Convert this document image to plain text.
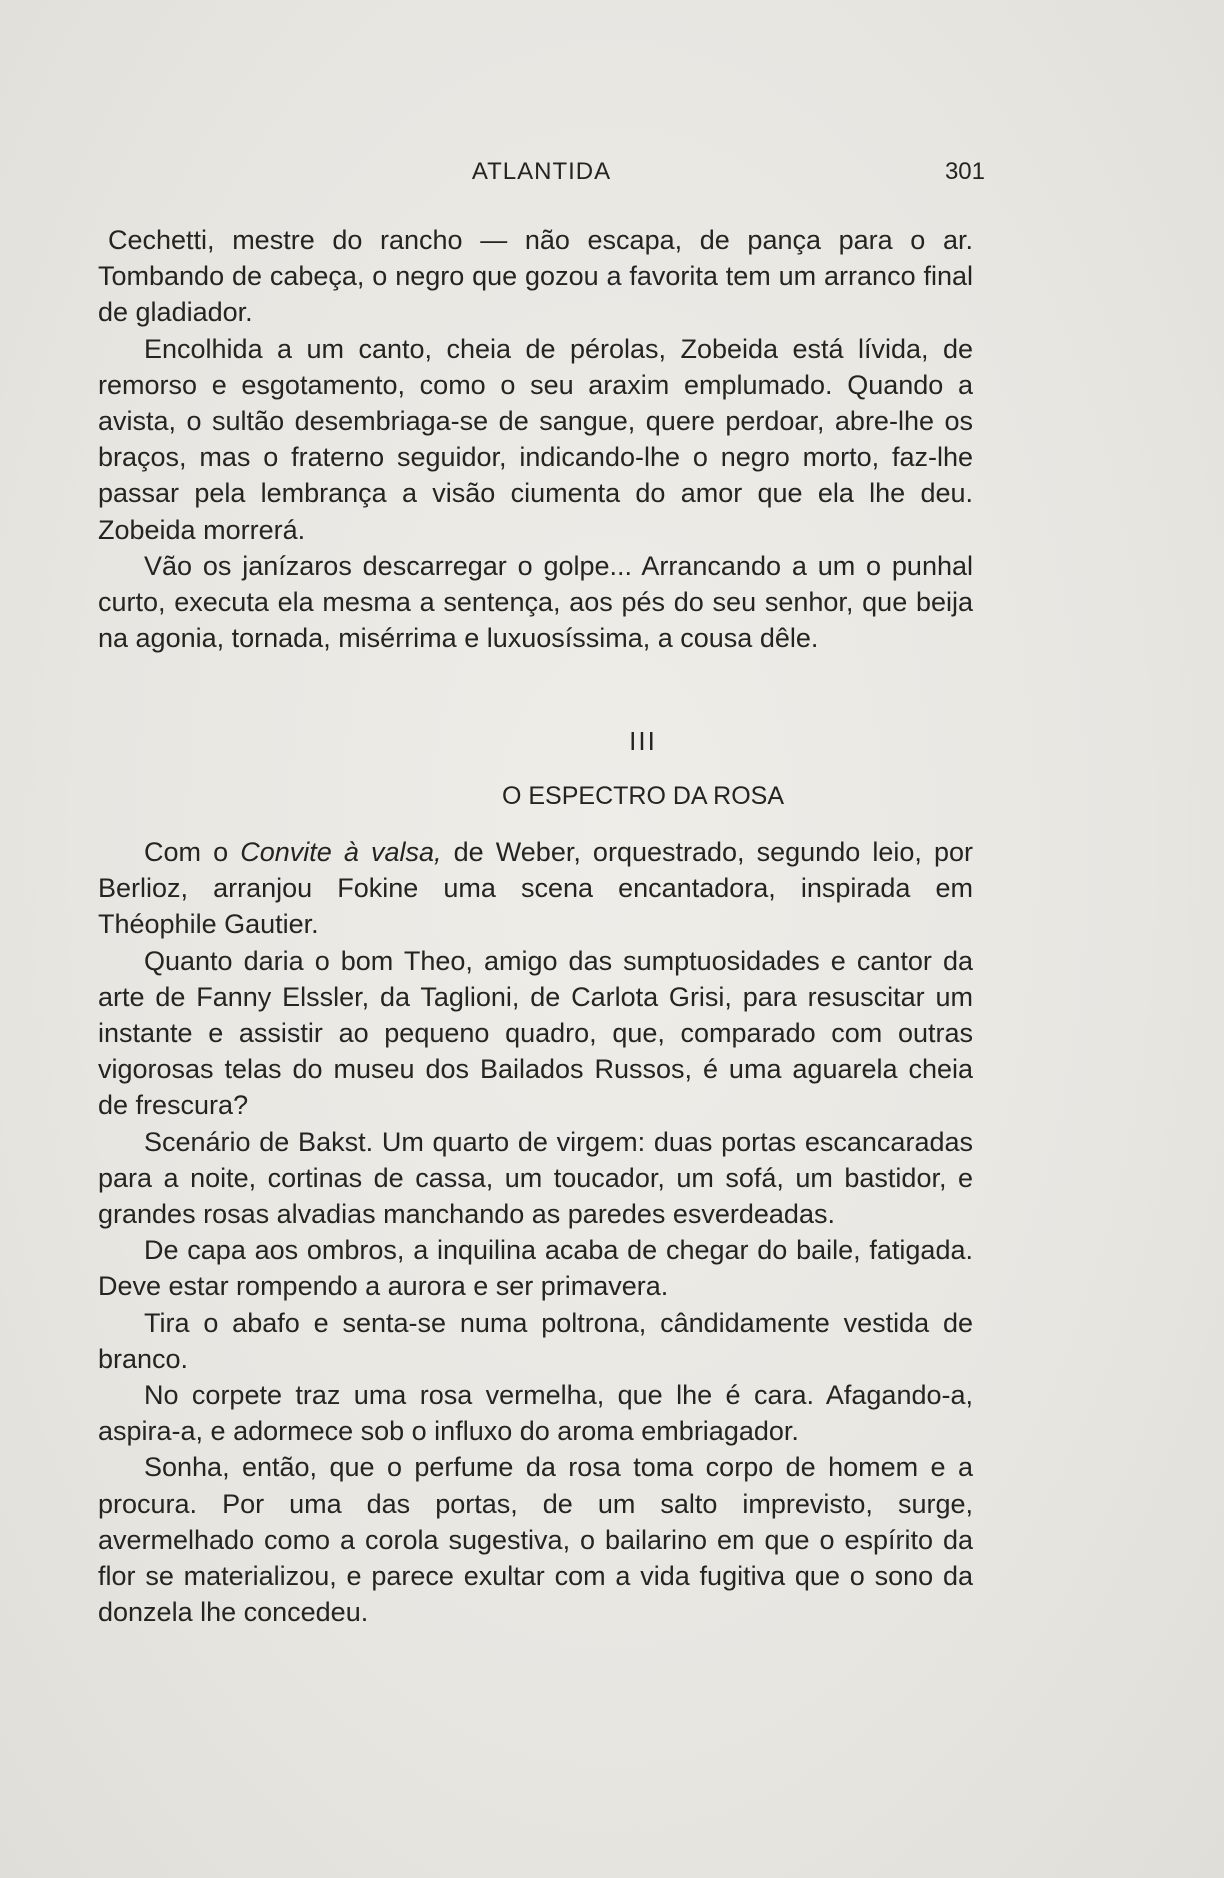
ATLANTIDA	301

Cechetti, mestre do rancho — não escapa, de pança para o ar. Tombando de cabeça, o negro que gozou a favorita tem um arranco final de gladiador.

Encolhida a um canto, cheia de pérolas, Zobeida está lívida, de remorso e esgotamento, como o seu araxim emplumado. Quando a avista, o sultão desembriaga-se de sangue, quere perdoar, abre-lhe os braços, mas o fraterno seguidor, indicando-lhe o negro morto, faz-lhe passar pela lembrança a visão ciumenta do amor que ela lhe deu. Zobeida morrerá.

Vão os janízaros descarregar o golpe... Arrancando a um o punhal curto, executa ela mesma a sentença, aos pés do seu senhor, que beija na agonia, tornada, misérrima e luxuosíssima, a cousa dêle.

III
O ESPECTRO DA ROSA

Com o Convite à valsa, de Weber, orquestrado, segundo leio, por Berlioz, arranjou Fokine uma scena encantadora, inspirada em Théophile Gautier.

Quanto daria o bom Theo, amigo das sumptuosidades e cantor da arte de Fanny Elssler, da Taglioni, de Carlota Grisi, para resuscitar um instante e assistir ao pequeno quadro, que, comparado com outras vigorosas telas do museu dos Bailados Russos, é uma aguarela cheia de frescura?

Scenário de Bakst. Um quarto de virgem: duas portas escancaradas para a noite, cortinas de cassa, um toucador, um sofá, um bastidor, e grandes rosas alvadias manchando as paredes esverdeadas.

De capa aos ombros, a inquilina acaba de chegar do baile, fatigada. Deve estar rompendo a aurora e ser primavera.

Tira o abafo e senta-se numa poltrona, cândidamente vestida de branco.

No corpete traz uma rosa vermelha, que lhe é cara. Afagando-a, aspira-a, e adormece sob o influxo do aroma embriagador.

Sonha, então, que o perfume da rosa toma corpo de homem e a procura. Por uma das portas, de um salto imprevisto, surge, avermelhado como a corola sugestiva, o bailarino em que o espírito da flor se materializou, e parece exultar com a vida fugitiva que o sono da donzela lhe concedeu.
